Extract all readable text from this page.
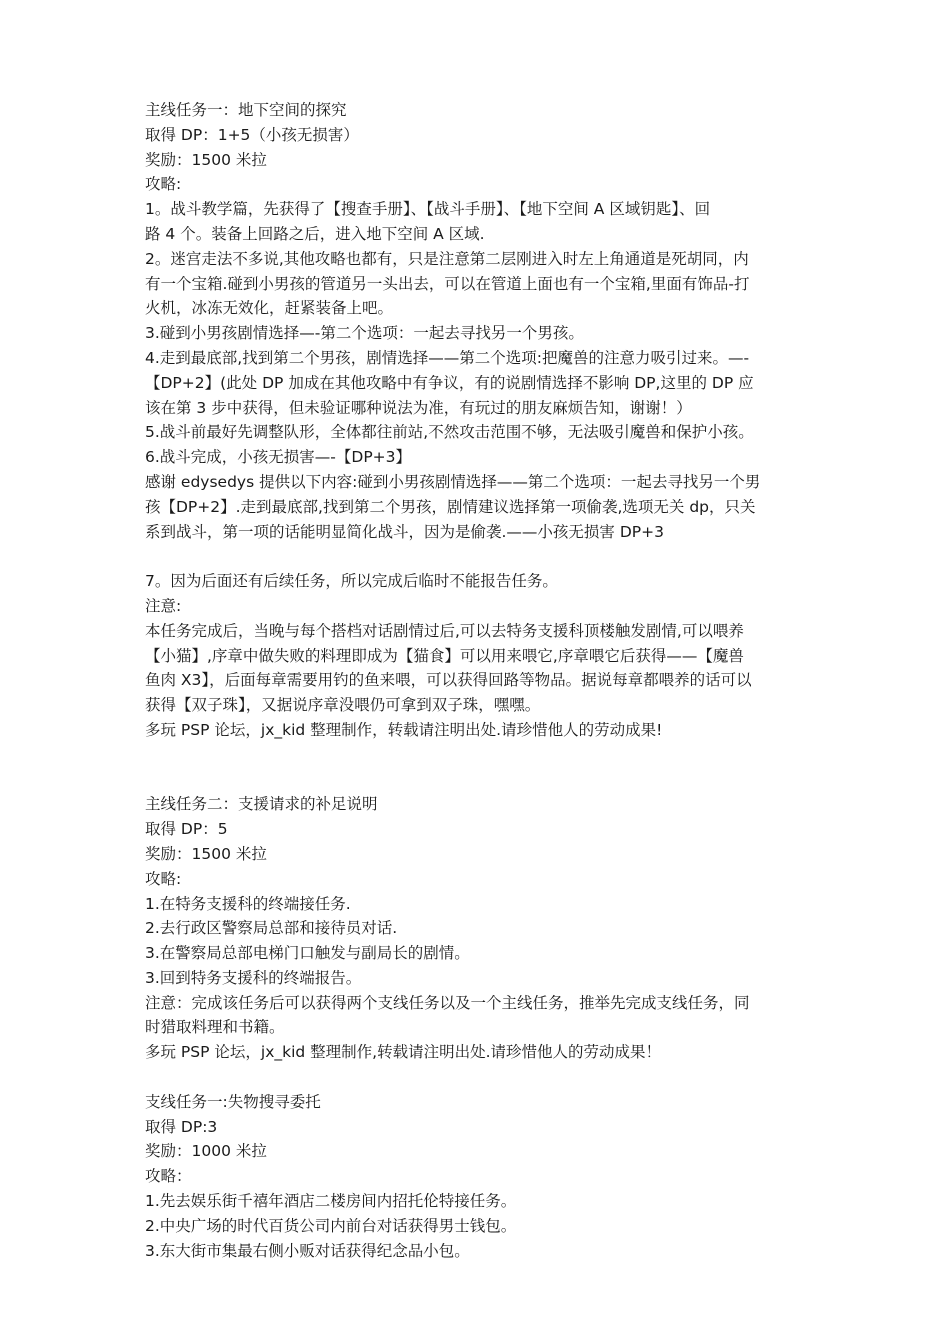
主线任务一：地下空间的探究
取得 DP：1+5（小孩无损害）
奖励：1500 米拉
攻略:
1。战斗教学篇，先获得了【搜查手册】、【战斗手册】、【地下空间 A 区域钥匙】、回
路 4 个。装备上回路之后，进入地下空间 A 区域.
2。迷宫走法不多说,其他攻略也都有，只是注意第二层刚进入时左上角通道是死胡同，内
有一个宝箱.碰到小男孩的管道另一头出去，可以在管道上面也有一个宝箱,里面有饰品-打
火机，冰冻无效化，赶紧装备上吧。
3.碰到小男孩剧情选择—-第二个选项：一起去寻找另一个男孩。
4.走到最底部,找到第二个男孩，剧情选择——第二个选项:把魔兽的注意力吸引过来。—-
【DP+2】(此处 DP 加成在其他攻略中有争议，有的说剧情选择不影响 DP,这里的 DP 应
该在第 3 步中获得，但未验证哪种说法为准，有玩过的朋友麻烦告知，谢谢！）
5.战斗前最好先调整队形，全体都往前站,不然攻击范围不够，无法吸引魔兽和保护小孩。
6.战斗完成，小孩无损害—-【DP+3】
感谢 edysedys 提供以下内容:碰到小男孩剧情选择——第二个选项：一起去寻找另一个男
孩【DP+2】.走到最底部,找到第二个男孩，剧情建议选择第一项偷袭,选项无关 dp，只关
系到战斗，第一项的话能明显简化战斗，因为是偷袭.——小孩无损害 DP+3
7。因为后面还有后续任务，所以完成后临时不能报告任务。
注意:
本任务完成后，当晚与每个搭档对话剧情过后,可以去特务支援科顶楼触发剧情,可以喂养
【小猫】,序章中做失败的料理即成为【猫食】可以用来喂它,序章喂它后获得——【魔兽
鱼肉 X3】，后面每章需要用钓的鱼来喂，可以获得回路等物品。据说每章都喂养的话可以
获得【双子珠】，又据说序章没喂仍可拿到双子珠，嘿嘿。
多玩 PSP 论坛，jx_kid 整理制作，转载请注明出处.请珍惜他人的劳动成果!
主线任务二：支援请求的补足说明
取得 DP：5
奖励：1500 米拉
攻略:
1.在特务支援科的终端接任务.
2.去行政区警察局总部和接待员对话.
3.在警察局总部电梯门口触发与副局长的剧情。
3.回到特务支援科的终端报告。
注意：完成该任务后可以获得两个支线任务以及一个主线任务，推举先完成支线任务，同
时猎取料理和书籍。
多玩 PSP 论坛，jx_kid 整理制作,转载请注明出处.请珍惜他人的劳动成果！
支线任务一:失物搜寻委托
取得 DP:3
奖励：1000 米拉
攻略：
1.先去娱乐街千禧年酒店二楼房间内招托伦特接任务。
2.中央广场的时代百货公司内前台对话获得男士钱包。
3.东大街市集最右侧小贩对话获得纪念品小包。
